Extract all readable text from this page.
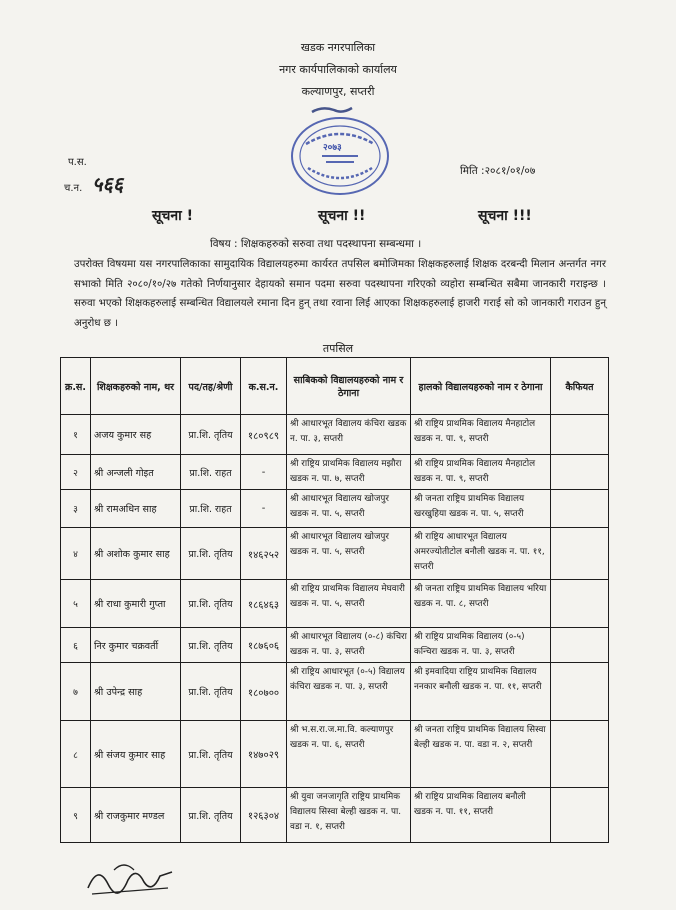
खडक नगरपालिका
नगर कार्यपालिकाको कार्यालय
कल्याणपुर, सप्तरी
२०७३
प.स.
च.न. ५६६
मिति :२०८१/०१/०७
सूचना !	सूचना !!	सूचना !!!
विषय : शिक्षकहरुको सरुवा तथा पदस्थापना सम्बन्धमा ।
उपरोक्त विषयमा यस नगरपालिकाका सामुदायिक विद्यालयहरुमा कार्यरत तपसिल बमोजिमका शिक्षकहरुलाई शिक्षक दरबन्दी मिलान अन्तर्गत नगर सभाको मिति २०८०/१०/२७ गतेको निर्णयानुसार देहायको समान पदमा सरुवा पदस्थापना गरिएको व्यहोरा सम्बन्धित सबैमा जानकारी गराइन्छ । सरुवा भएको शिक्षकहरुलाई सम्बन्धित विद्यालयले रमाना दिन हुन् तथा रवाना लिई आएका शिक्षकहरुलाई हाजरी गराई सो को जानकारी गराउन हुन् अनुरोध छ ।
तपसिल
क्र.स.	शिक्षकहरुको नाम, थर	पद/तह/श्रेणी	क.स.न.	साबिकको विद्यालयहरुको नाम र ठेगाना	हालको विद्यालयहरुको नाम र ठेगाना	कैफियत
१	अजय कुमार सह	प्रा.शि. तृतिय	१८०९८९	श्री आधारभूत विद्यालय कंचिरा खडक न. पा. ३, सप्तरी	श्री राष्ट्रिय प्राथमिक विद्यालय मैनहाटोल खडक न. पा. ९, सप्तरी	
२	श्री अन्जली गोइत	प्रा.शि. राहत	-	श्री राष्ट्रिय प्राथमिक विद्यालय मझौरा खडक न. पा. ७, सप्तरी	श्री राष्ट्रिय प्राथमिक विद्यालय मैनहाटोल खडक न. पा. ९, सप्तरी	
३	श्री रामअधिन साह	प्रा.शि. राहत	-	श्री आधारभूत विद्यालय खोजपुर खडक न. पा. ५, सप्तरी	श्री जनता राष्ट्रिय प्राथमिक विद्यालय खरखुहिया खडक न. पा. ५, सप्तरी	
४	श्री अशोक कुमार साह	प्रा.शि. तृतिय	१४६२५२	श्री आधारभूत विद्यालय खोजपुर खडक न. पा. ५, सप्तरी	श्री राष्ट्रिय आधारभूत विद्यालय अमरज्योतीटोल बनौली खडक न. पा. ११, सप्तरी	
५	श्री राधा कुमारी गुप्ता	प्रा.शि. तृतिय	१८६४६३	श्री राष्ट्रिय प्राथमिक विद्यालय मेघवारी खडक न. पा. ५, सप्तरी	श्री जनता राष्ट्रिय प्राथमिक विद्यालय भरिया खडक न. पा. ८, सप्तरी	
६	निर कुमार चक्रवर्ती	प्रा.शि. तृतिय	१८७६०६	श्री आधारभूत विद्यालय (०-८) कंचिरा खडक न. पा. ३, सप्तरी	श्री राष्ट्रिय प्राथमिक विद्यालय (०-५) कन्चिरा खडक न. पा. ३, सप्तरी	
७	श्री उपेन्द्र साह	प्रा.शि. तृतिय	१८०७००	श्री राष्ट्रिय आधारभूत (०-५) विद्यालय कंचिरा खडक न. पा. ३, सप्तरी	श्री इमवादिया राष्ट्रिय प्राथमिक विद्यालय ननकार बनौली खडक न. पा. ११, सप्तरी	
८	श्री संजय कुमार साह	प्रा.शि. तृतिय	१४७०२९	श्री भ.स.रा.ज.मा.वि. कल्याणपुर खडक न. पा. ६, सप्तरी	श्री जनता राष्ट्रिय प्राथमिक विद्यालय सिस्वा बेल्ही खडक न. पा. वडा न. २, सप्तरी	
९	श्री राजकुमार मण्डल	प्रा.शि. तृतिय	१२६३०४	श्री युवा जनजागृति राष्ट्रिय प्राथमिक विद्यालय सिस्वा बेल्ही खडक न. पा. वडा न. १, सप्तरी	श्री राष्ट्रिय प्राथमिक विद्यालय बनौली खडक न. पा. ११, सप्तरी	
